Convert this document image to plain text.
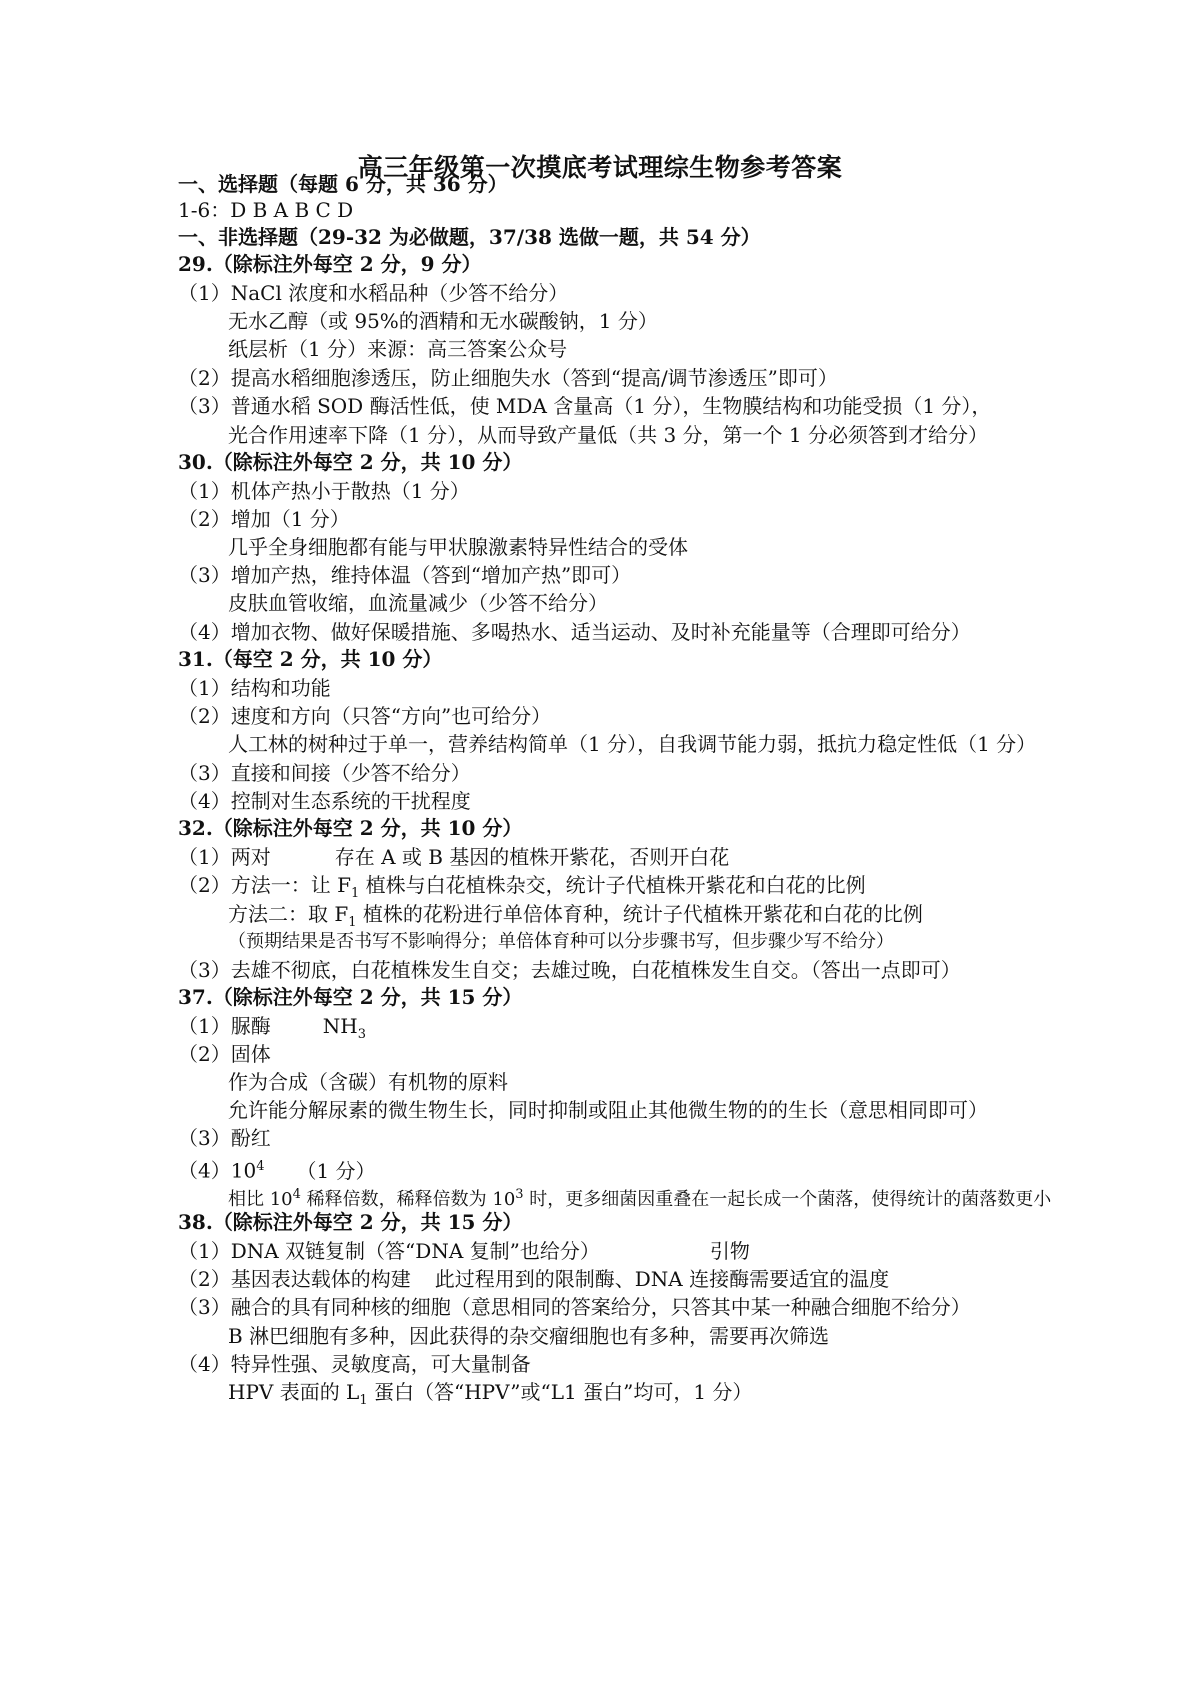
高三年级第一次摸底考试理综生物参考答案
一、选择题（每题 6 分，共 36 分）
1-6：D B A B C D
一、非选择题（29-32 为必做题，37/38 选做一题，共 54 分）
29.（除标注外每空 2 分，9 分）
（1）NaCl 浓度和水稻品种（少答不给分）
无水乙醇（或 95%的酒精和无水碳酸钠，1 分）
纸层析（1 分）来源：高三答案公众号
（2）提高水稻细胞渗透压，防止细胞失水（答到“提高/调节渗透压”即可）
（3）普通水稻 SOD 酶活性低，使 MDA 含量高（1 分），生物膜结构和功能受损（1 分），
光合作用速率下降（1 分），从而导致产量低（共 3 分，第一个 1 分必须答到才给分）
30.（除标注外每空 2 分，共 10 分）
（1）机体产热小于散热（1 分）
（2）增加（1 分）
几乎全身细胞都有能与甲状腺激素特异性结合的受体
（3）增加产热，维持体温（答到“增加产热”即可）
皮肤血管收缩，血流量减少（少答不给分）
（4）增加衣物、做好保暖措施、多喝热水、适当运动、及时补充能量等（合理即可给分）
31.（每空 2 分，共 10 分）
（1）结构和功能
（2）速度和方向（只答“方向”也可给分）
人工林的树种过于单一，营养结构简单（1 分），自我调节能力弱，抵抗力稳定性低（1 分）
（3）直接和间接（少答不给分）
（4）控制对生态系统的干扰程度
32.（除标注外每空 2 分，共 10 分）
（1）两对	存在 A 或 B 基因的植株开紫花，否则开白花
（2）方法一：让 $F_1$ 植株与白花植株杂交，统计子代植株开紫花和白花的比例
方法二：取 $F_1$ 植株的花粉进行单倍体育种，统计子代植株开紫花和白花的比例
（预期结果是否书写不影响得分；单倍体育种可以分步骤书写，但步骤少写不给分）
（3）去雄不彻底，白花植株发生自交；去雄过晚，白花植株发生自交。（答出一点即可）
37.（除标注外每空 2 分，共 15 分）
（1）脲酶	$NH_3$
（2）固体
作为合成（含碳）有机物的原料
允许能分解尿素的微生物生长，同时抑制或阻止其他微生物的的生长（意思相同即可）
（3）酚红
$(4)10^4$ （1 分）
相比 $10^4$ 稀释倍数，稀释倍数为 $10^3$ 时，更多细菌因重叠在一起长成一个菌落，使得统计的菌落数更小
38.（除标注外每空 2 分，共 15 分）
（1）DNA 双链复制（答“DNA 复制”也给分）	引物
（2）基因表达载体的构建 此过程用到的限制酶、DNA 连接酶需要适宜的温度
（3）融合的具有同种核的细胞（意思相同的答案给分，只答其中某一种融合细胞不给分）
B 淋巴细胞有多种，因此获得的杂交瘤细胞也有多种，需要再次筛选
（4）特异性强、灵敏度高，可大量制备
HPV 表面的 $L_1$ 蛋白（答“HPV”或“L1 蛋白”均可，1 分）
